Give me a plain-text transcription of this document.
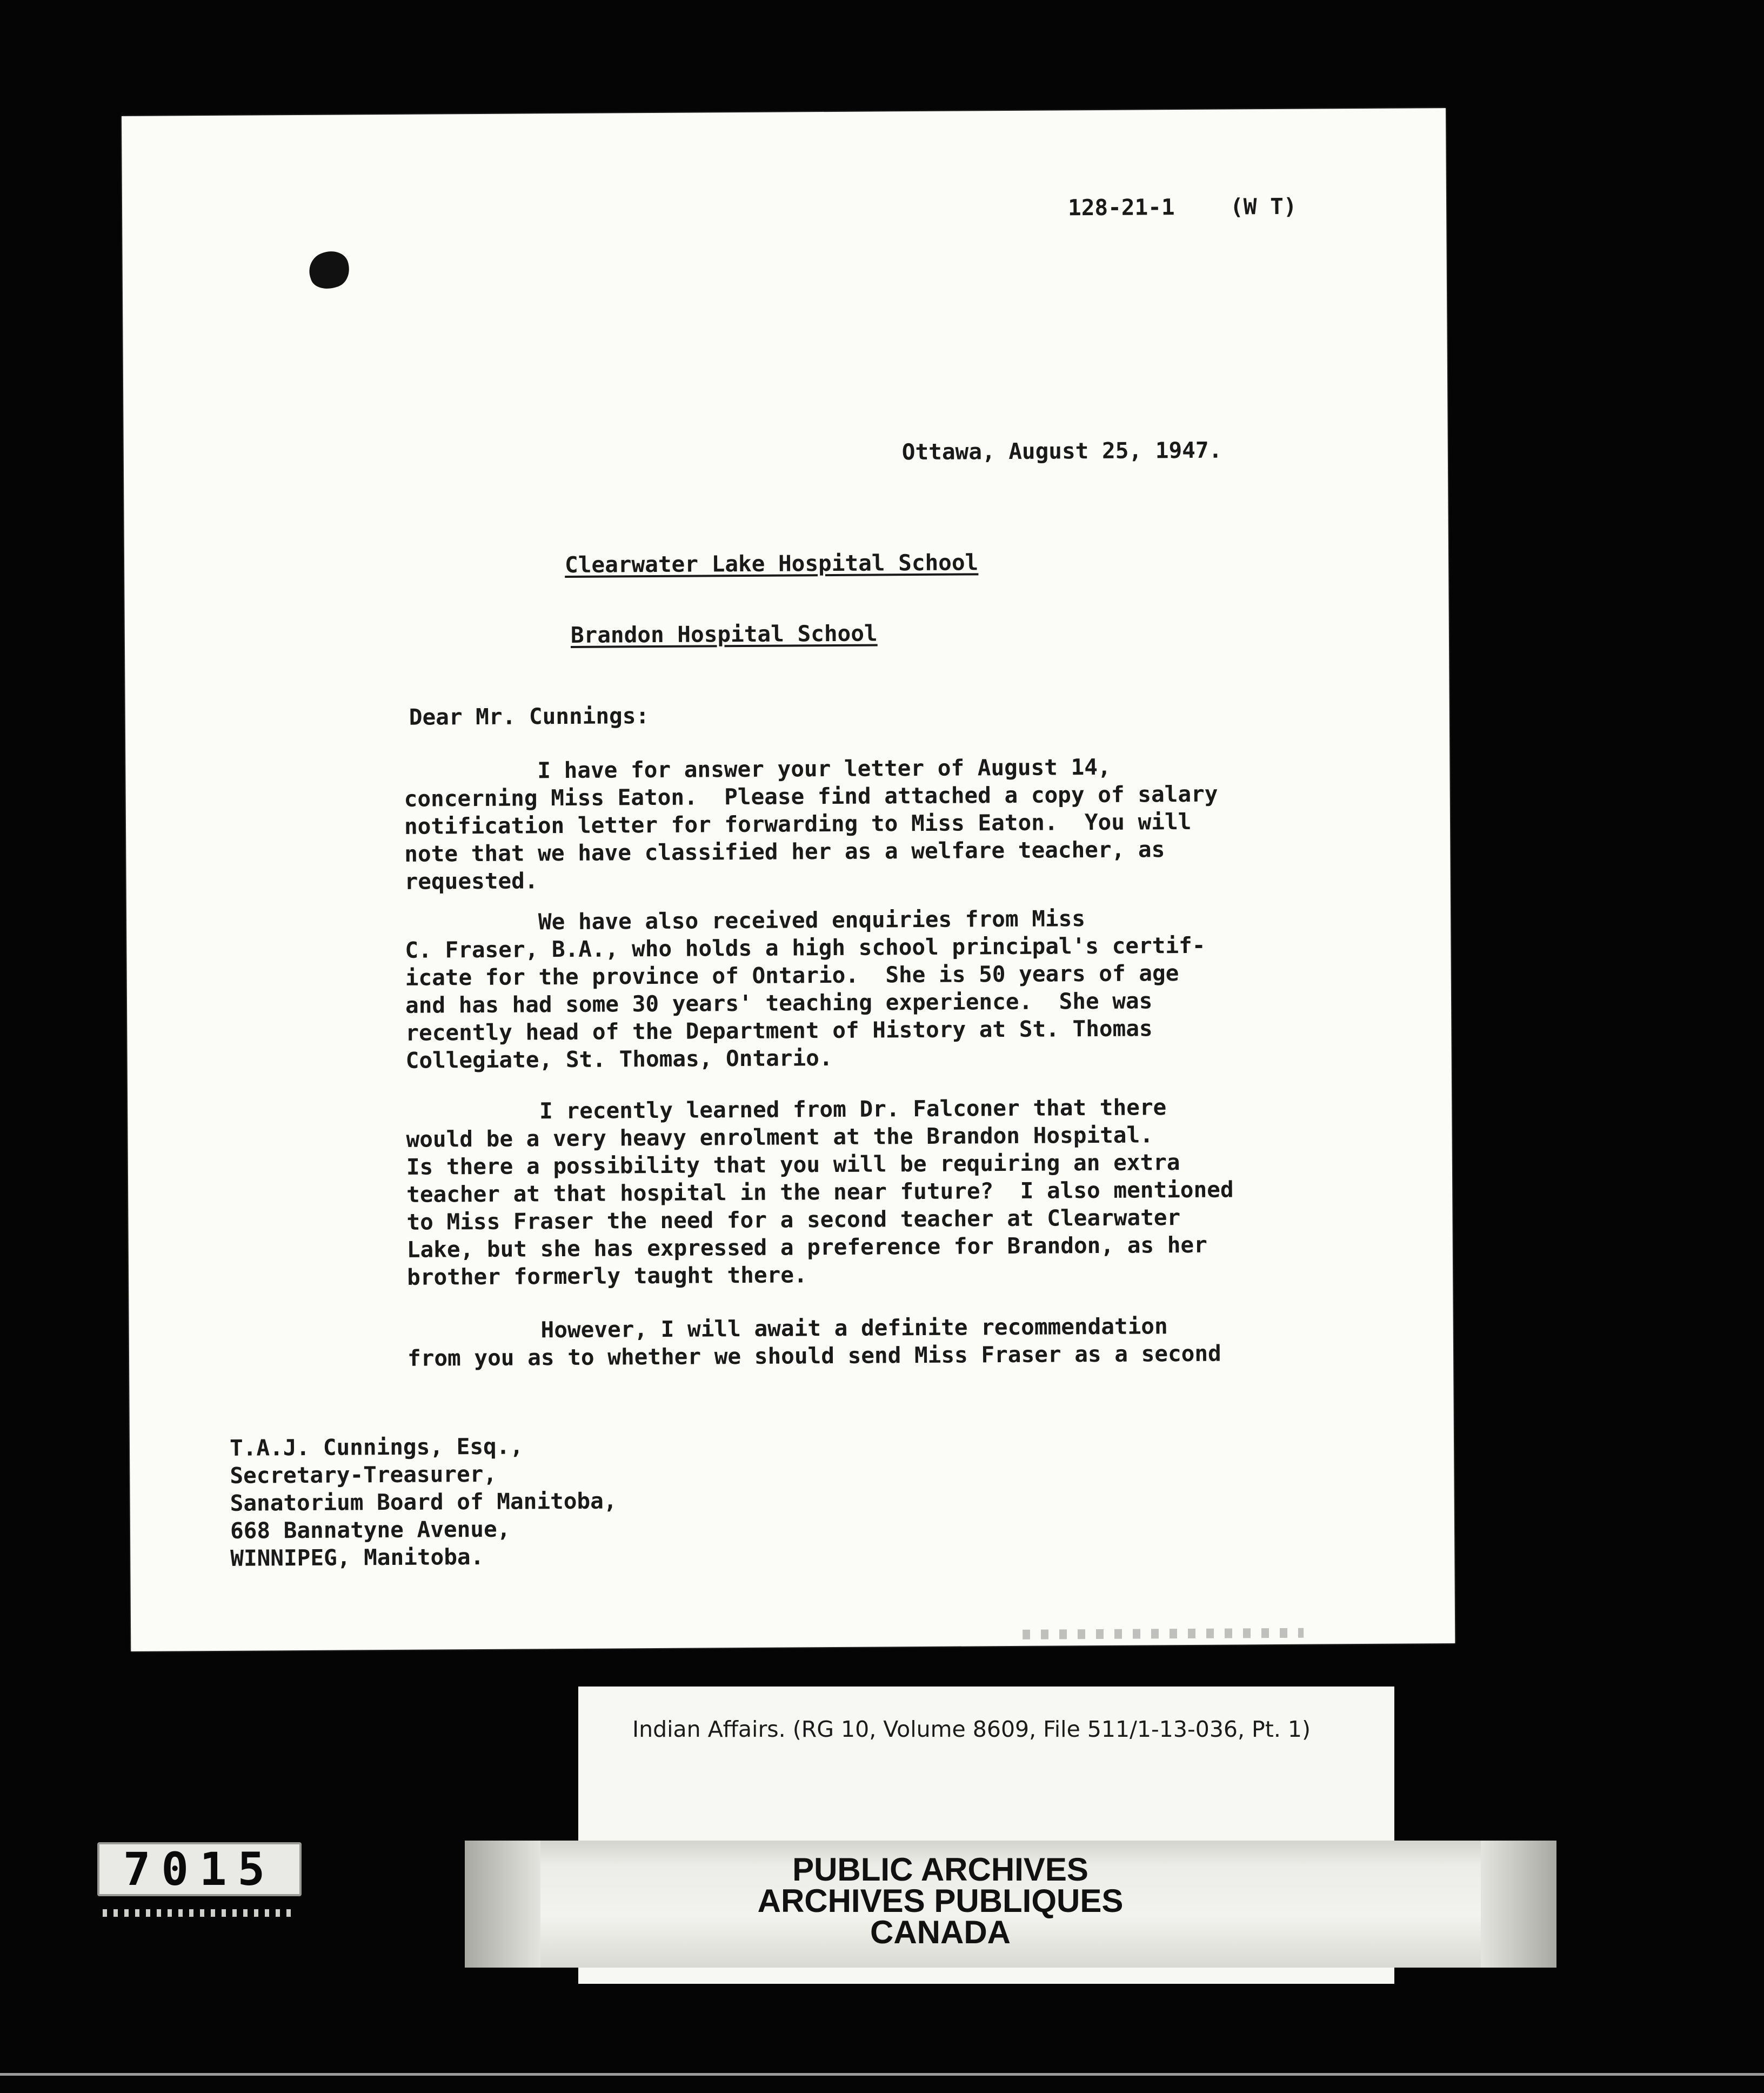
128-21-1 (W T)
Ottawa, August 25, 1947.
Clearwater Lake Hospital School
Brandon Hospital School
Dear Mr. Cunnings:
I have for answer your letter of August 14,
concerning Miss Eaton.  Please find attached a copy of salary
notification letter for forwarding to Miss Eaton.  You will
note that we have classified her as a welfare teacher, as
requested.
We have also received enquiries from Miss
C. Fraser, B.A., who holds a high school principal's certif-
icate for the province of Ontario.  She is 50 years of age
and has had some 30 years' teaching experience.  She was
recently head of the Department of History at St. Thomas
Collegiate, St. Thomas, Ontario.
I recently learned from Dr. Falconer that there
would be a very heavy enrolment at the Brandon Hospital.
Is there a possibility that you will be requiring an extra
teacher at that hospital in the near future?  I also mentioned
to Miss Fraser the need for a second teacher at Clearwater
Lake, but she has expressed a preference for Brandon, as her
brother formerly taught there.
However, I will await a definite recommendation
from you as to whether we should send Miss Fraser as a second
T.A.J. Cunnings, Esq.,
Secretary-Treasurer,
Sanatorium Board of Manitoba,
668 Bannatyne Avenue,
WINNIPEG, Manitoba.
Indian Affairs. (RG 10, Volume 8609, File 511/1-13-036, Pt. 1)
PUBLIC ARCHIVES
ARCHIVES PUBLIQUES
CANADA
7015
